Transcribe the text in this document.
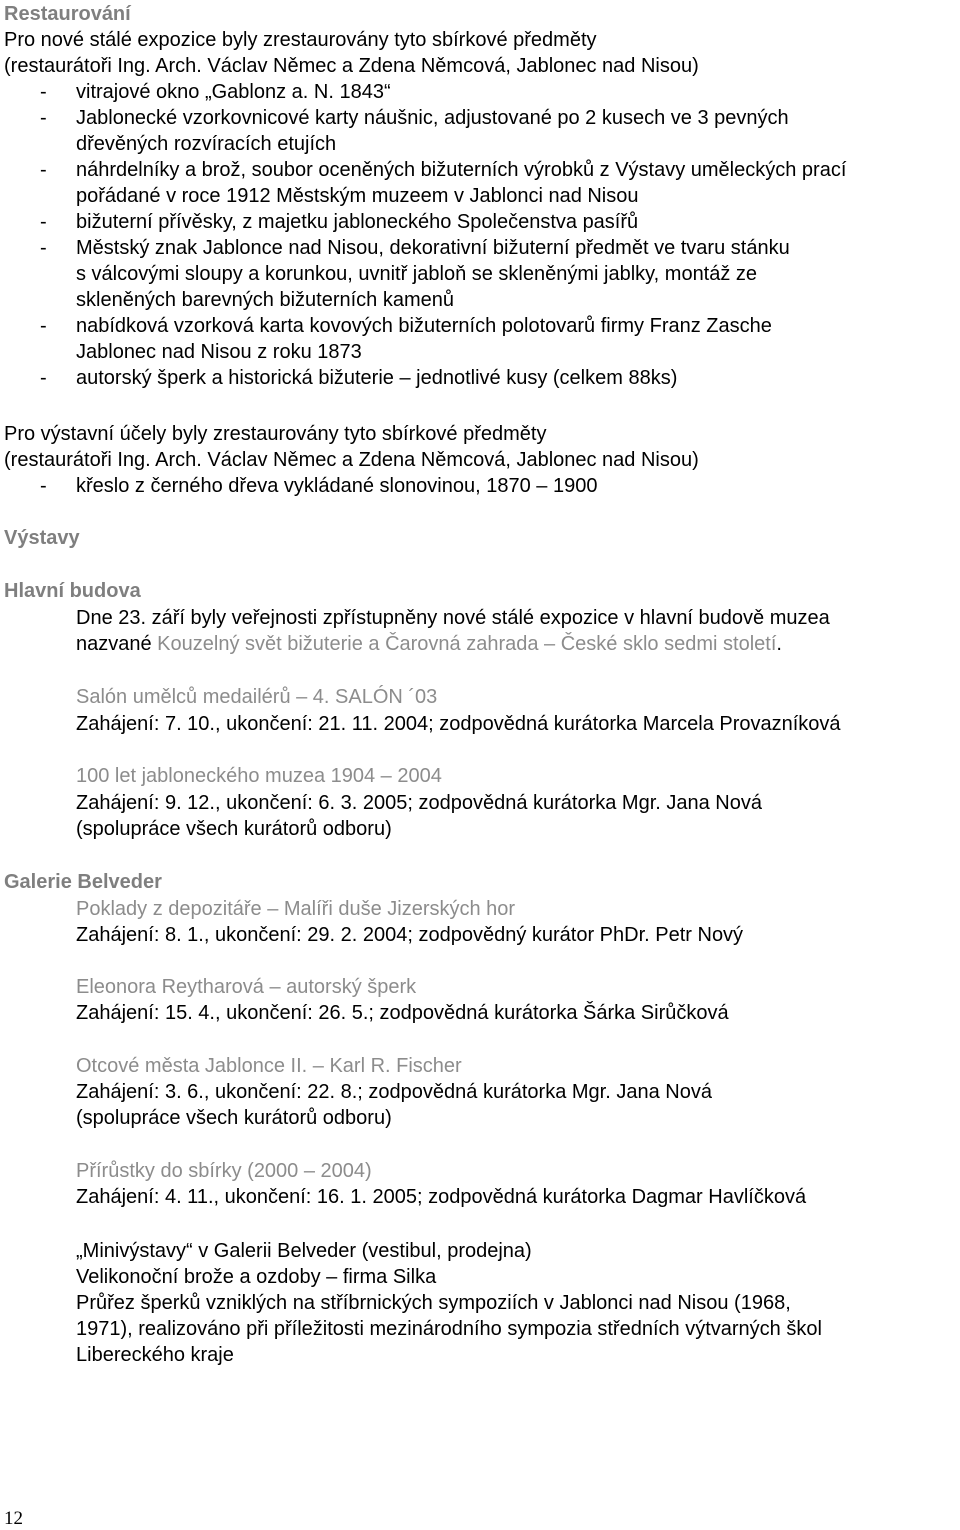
Restaurování
Pro nové stálé expozice byly zrestaurovány tyto sbírkové předměty
(restaurátoři Ing. Arch. Václav Němec a Zdena Němcová, Jablonec nad Nisou)
- vitrajové okno „Gablonz a. N. 1843“
- Jablonecké vzorkovnicové karty náušnic, adjustované po 2 kusech ve 3 pevných
dřevěných rozvíracích etujích
- náhrdelníky a brož, soubor oceněných bižuterních výrobků z Výstavy uměleckých prací
pořádané v roce 1912 Městským muzeem v Jablonci nad Nisou
- bižuterní přívěsky, z majetku jabloneckého Společenstva pasířů
- Městský znak Jablonce nad Nisou, dekorativní bižuterní předmět ve tvaru stánku
s válcovými sloupy a korunkou, uvnitř jabloň se skleněnými jablky, montáž ze
skleněných barevných bižuterních kamenů
- nabídková vzorková karta kovových bižuterních polotovarů firmy Franz Zasche
Jablonec nad Nisou z roku 1873
- autorský šperk a historická bižuterie – jednotlivé kusy (celkem 88ks)
Pro výstavní účely byly zrestaurovány tyto sbírkové předměty
(restaurátoři Ing. Arch. Václav Němec a Zdena Němcová, Jablonec nad Nisou)
- křeslo z černého dřeva vykládané slonovinou, 1870 – 1900
Výstavy
Hlavní budova
Dne 23. září byly veřejnosti zpřístupněny nové stálé expozice v hlavní budově muzea
nazvané Kouzelný svět bižuterie a Čarovná zahrada – České sklo sedmi století.
Salón umělců medailérů – 4. SALÓN ´03
Zahájení: 7. 10., ukončení: 21. 11. 2004; zodpovědná kurátorka Marcela Provazníková
100 let jabloneckého muzea 1904 – 2004
Zahájení: 9. 12., ukončení: 6. 3. 2005; zodpovědná kurátorka Mgr. Jana Nová
(spolupráce všech kurátorů odboru)
Galerie Belveder
Poklady z depozitáře – Malíři duše Jizerských hor
Zahájení: 8. 1., ukončení: 29. 2. 2004; zodpovědný kurátor PhDr. Petr Nový
Eleonora Reytharová – autorský šperk
Zahájení: 15. 4., ukončení: 26. 5.; zodpovědná kurátorka Šárka Sirůčková
Otcové města Jablonce II. – Karl R. Fischer
Zahájení: 3. 6., ukončení: 22. 8.; zodpovědná kurátorka Mgr. Jana Nová
(spolupráce všech kurátorů odboru)
Přírůstky do sbírky (2000 – 2004)
Zahájení: 4. 11., ukončení: 16. 1. 2005; zodpovědná kurátorka Dagmar Havlíčková
„Minivýstavy“ v Galerii Belveder (vestibul, prodejna)
Velikonoční brože a ozdoby – firma Silka
Průřez šperků vzniklých na stříbrnických sympoziích v Jablonci nad Nisou (1968,
1971), realizováno při příležitosti mezinárodního sympozia středních výtvarných škol
Libereckého kraje
12
